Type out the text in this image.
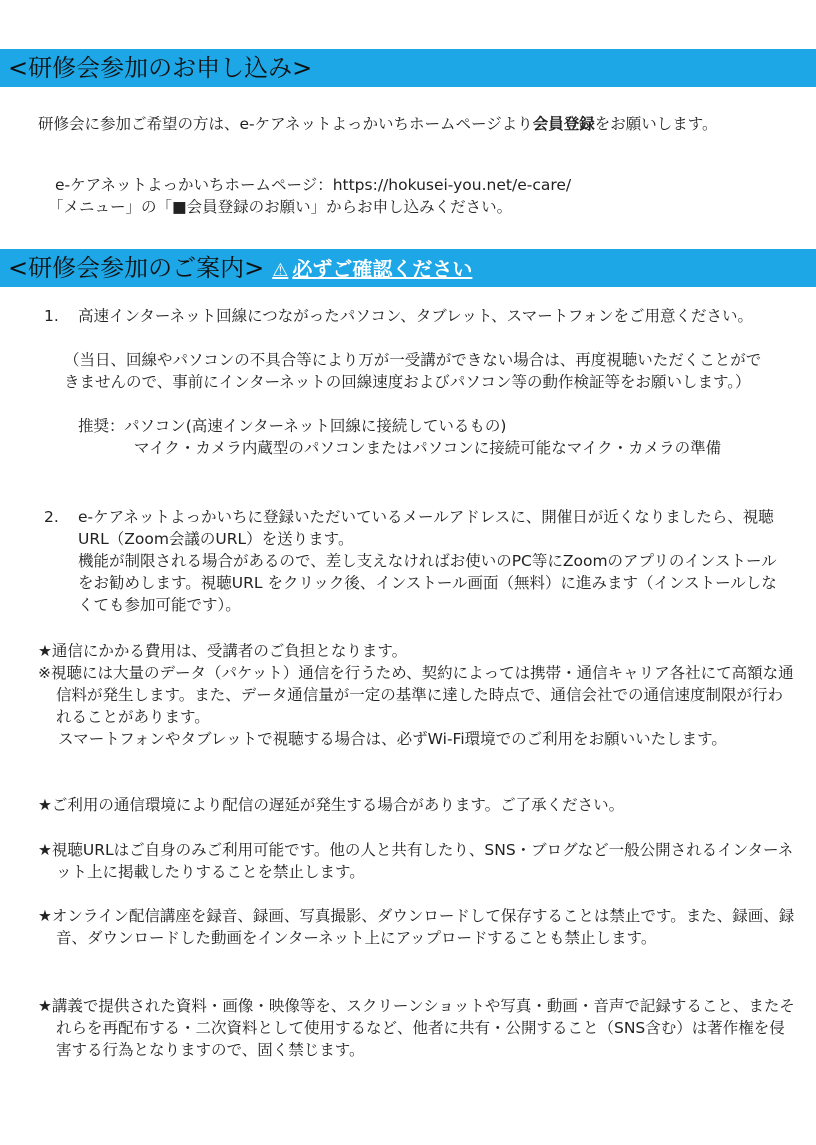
<研修会参加のお申し込み>
研修会に参加ご希望の方は、e-ケアネットよっかいちホームページより会員登録をお願いします。
e-ケアネットよっかいちホームページ：https://hokusei-you.net/e-care/
「メニュー」の「■会員登録のお願い」からお申し込みください。
<研修会参加のご案内> ⚠ 必ずご確認ください
1. 高速インターネット回線につながったパソコン、タブレット、スマートフォンをご用意ください。
（当日、回線やパソコンの不具合等により万が一受講ができない場合は、再度視聴いただくことができませんので、事前にインターネットの回線速度およびパソコン等の動作検証等をお願いします。）
推奨： パソコン(高速インターネット回線に接続しているもの)
マイク・カメラ内蔵型のパソコンまたはパソコンに接続可能なマイク・カメラの準備
2. e-ケアネットよっかいちに登録いただいているメールアドレスに、開催日が近くなりましたら、視聴URL（Zoom会議のURL）を送ります。
機能が制限される場合があるので、差し支えなければお使いのPC等にZoomのアプリのインストールをお勧めします。視聴URL をクリック後、インストール画面（無料）に進みます（インストールしなくても参加可能です）。
★通信にかかる費用は、受講者のご負担となります。
※視聴には大量のデータ（パケット）通信を行うため、契約によっては携帯・通信キャリア各社にて高額な通信料が発生します。また、データ通信量が一定の基準に達した時点で、通信会社での通信速度制限が行われることがあります。
スマートフォンやタブレットで視聴する場合は、必ずWi-Fi環境でのご利用をお願いいたします。
★ご利用の通信環境により配信の遅延が発生する場合があります。ご了承ください。
★視聴URLはご自身のみご利用可能です。他の人と共有したり、SNS・ブログなど一般公開されるインターネット上に掲載したりすることを禁止します。
★オンライン配信講座を録音、録画、写真撮影、ダウンロードして保存することは禁止です。また、録画、録音、ダウンロードした動画をインターネット上にアップロードすることも禁止します。
★講義で提供された資料・画像・映像等を、スクリーンショットや写真・動画・音声で記録すること、またそれらを再配布する・二次資料として使用するなど、他者に共有・公開すること（SNS含む）は著作権を侵害する行為となりますので、固く禁じます。
